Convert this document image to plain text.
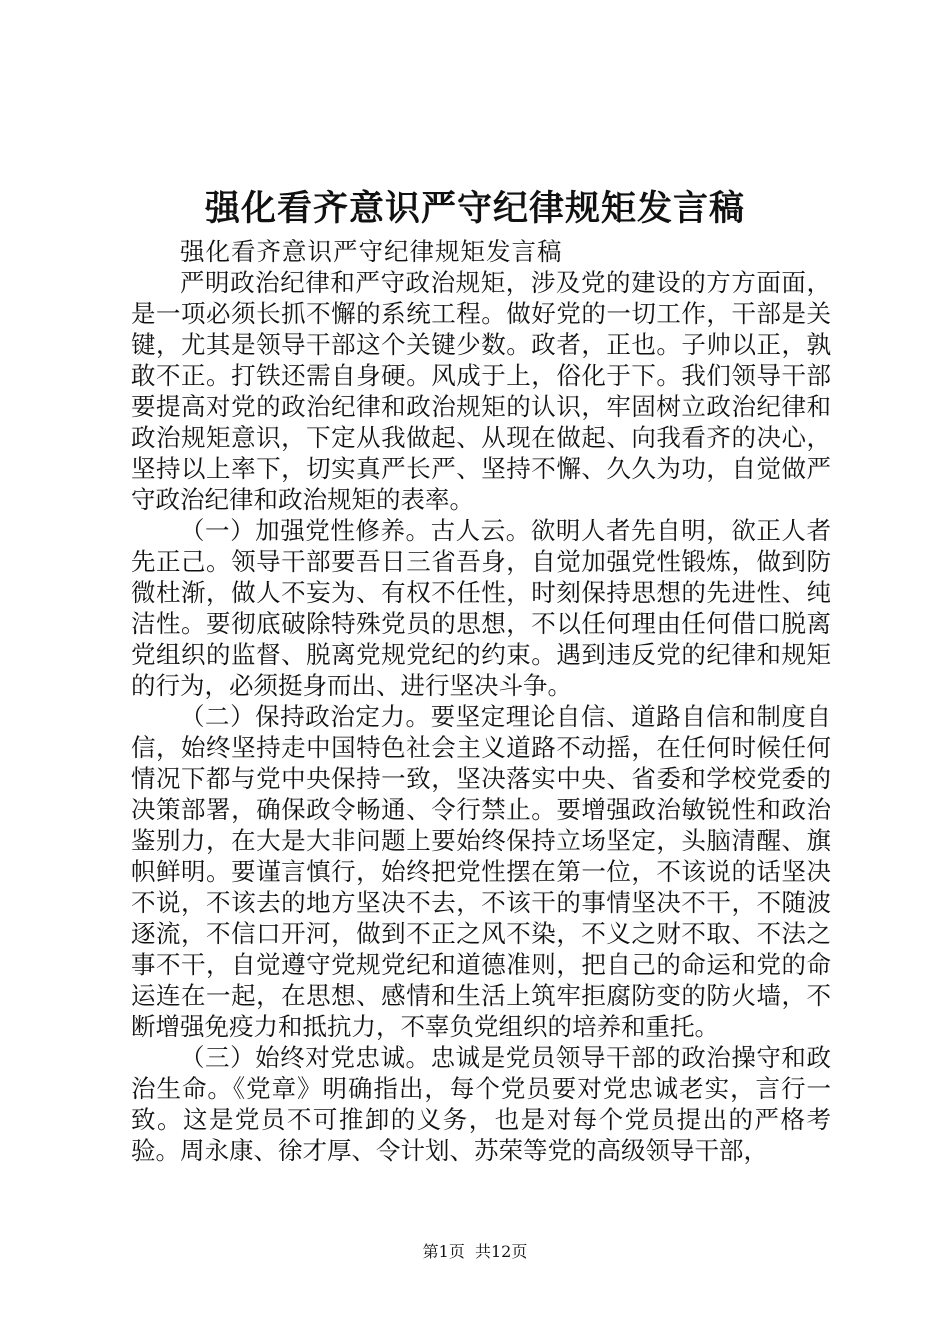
强化看齐意识严守纪律规矩发言稿

强化看齐意识严守纪律规矩发言稿

严明政治纪律和严守政治规矩，涉及党的建设的方方面面，是一项必须长抓不懈的系统工程。做好党的一切工作，干部是关键，尤其是领导干部这个关键少数。政者，正也。子帅以正，孰敢不正。打铁还需自身硬。风成于上，俗化于下。我们领导干部要提高对党的政治纪律和政治规矩的认识，牢固树立政治纪律和政治规矩意识，下定从我做起、从现在做起、向我看齐的决心，坚持以上率下，切实真严长严、坚持不懈、久久为功，自觉做严守政治纪律和政治规矩的表率。

（一）加强党性修养。古人云。欲明人者先自明，欲正人者先正己。领导干部要吾日三省吾身，自觉加强党性锻炼，做到防微杜渐，做人不妄为、有权不任性，时刻保持思想的先进性、纯洁性。要彻底破除特殊党员的思想，不以任何理由任何借口脱离党组织的监督、脱离党规党纪的约束。遇到违反党的纪律和规矩的行为，必须挺身而出、进行坚决斗争。

（二）保持政治定力。要坚定理论自信、道路自信和制度自信，始终坚持走中国特色社会主义道路不动摇，在任何时候任何情况下都与党中央保持一致，坚决落实中央、省委和学校党委的决策部署，确保政令畅通、令行禁止。要增强政治敏锐性和政治鉴别力，在大是大非问题上要始终保持立场坚定，头脑清醒、旗帜鲜明。要谨言慎行，始终把党性摆在第一位，不该说的话坚决不说，不该去的地方坚决不去，不该干的事情坚决不干，不随波逐流，不信口开河，做到不正之风不染，不义之财不取、不法之事不干，自觉遵守党规党纪和道德准则，把自己的命运和党的命运连在一起，在思想、感情和生活上筑牢拒腐防变的防火墙，不断增强免疫力和抵抗力，不辜负党组织的培养和重托。

（三）始终对党忠诚。忠诚是党员领导干部的政治操守和政治生命。《党章》明确指出，每个党员要对党忠诚老实，言行一致。这是党员不可推卸的义务，也是对每个党员提出的严格考验。周永康、徐才厚、令计划、苏荣等党的高级领导干部，

第1页  共12页
